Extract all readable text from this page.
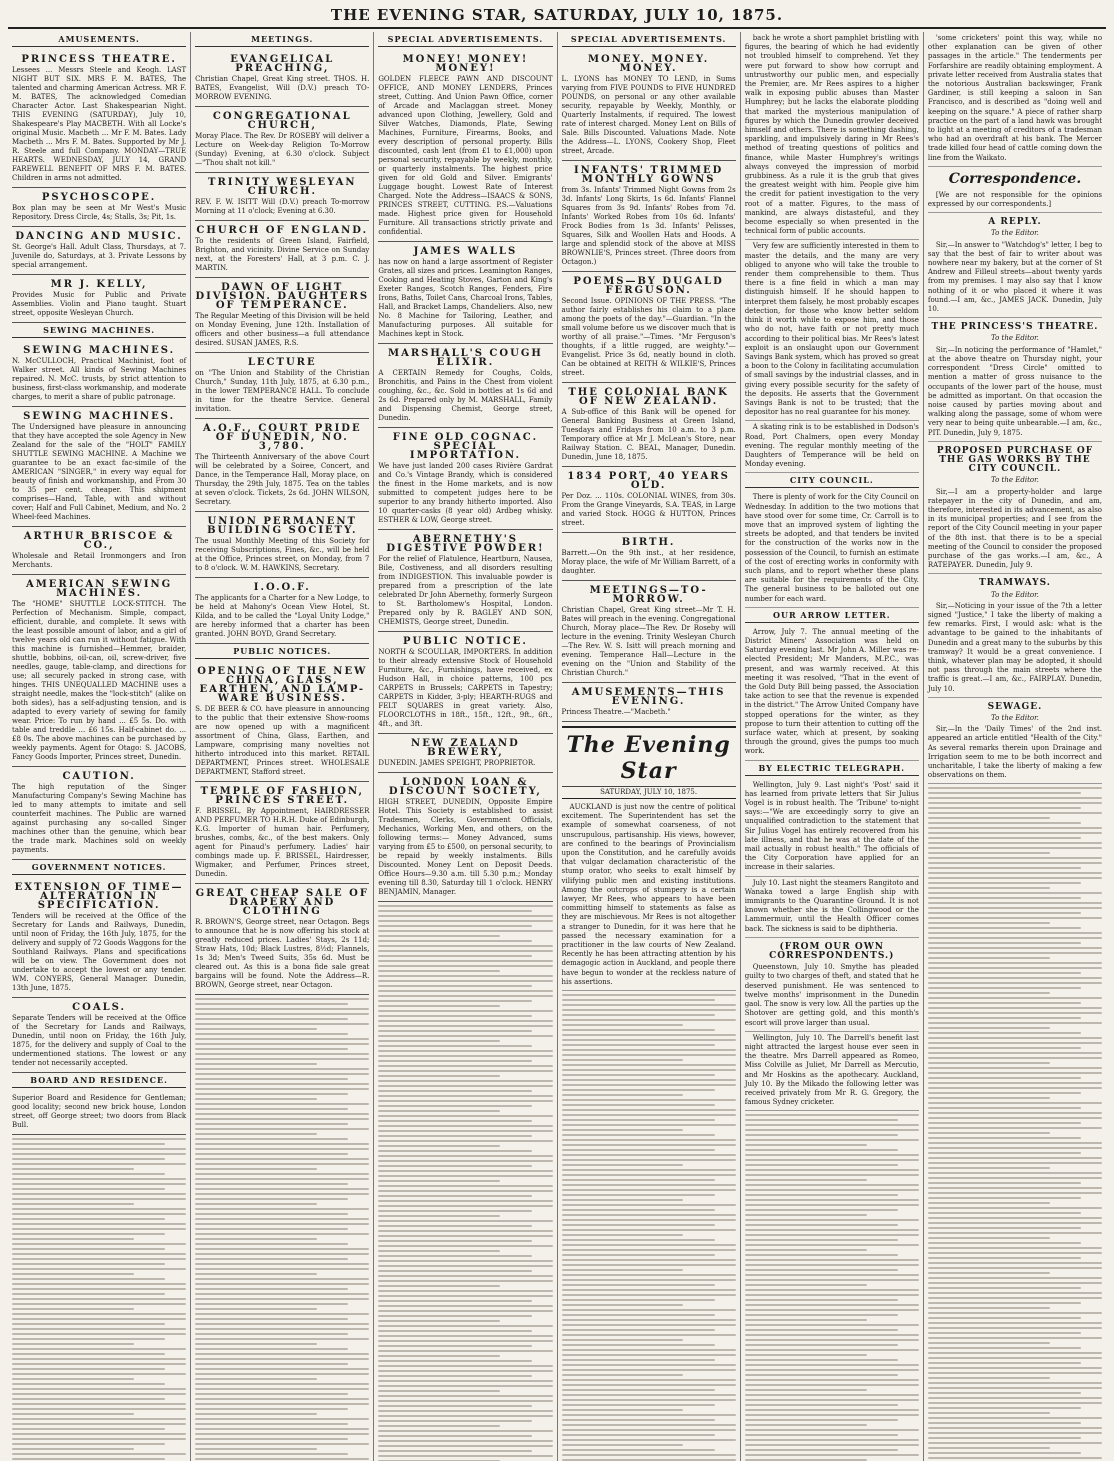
THE EVENING STAR, SATURDAY, JULY 10, 1875.
AMUSEMENTS.
PRINCESS THEATRE.
Lessees ... Messrs Steele and Keogh. LAST NIGHT BUT SIX. MRS F. M. BATES, The talented and charming American Actress. MR F. M. BATES, The acknowledged Comedian Character Actor. Last Shakespearian Night. THIS EVENING (SATURDAY), July 10, Shakespeare's Play MACBETH. With all Locke's original Music. Macbeth ... Mr F. M. Bates. Lady Macbeth ... Mrs F. M. Bates. Supported by Mr J. R. Steele and full Company. MONDAY—TRUE HEARTS. WEDNESDAY, JULY 14, GRAND FAREWELL BENEFIT OF MRS F. M. BATES. Children in arms not admitted.
PSYCHOSCOPE.
Box plan may be seen at Mr West's Music Repository. Dress Circle, 4s; Stalls, 3s; Pit, 1s.
DANCING AND MUSIC.
St. George's Hall. Adult Class, Thursdays, at 7. Juvenile do, Saturdays, at 3. Private Lessons by special arrangement.
MR J. KELLY,
Provides Music for Public and Private Assemblies. Violin and Piano taught. Stuart street, opposite Wesleyan Church.
SEWING MACHINES.
SEWING MACHINES.
N. McCULLOCH, Practical Machinist, foot of Walker street. All kinds of Sewing Machines repaired. N. McC. trusts, by strict attention to business, first-class workmanship, and moderate charges, to merit a share of public patronage.
SEWING MACHINES.
The Undersigned have pleasure in announcing that they have accepted the sole Agency in New Zealand for the sale of the "HOLT" FAMILY SHUTTLE SEWING MACHINE. A Machine we guarantee to be an exact fac-simile of the AMERICAN "SINGER," in every way equal for beauty of finish and workmanship, and From 30 to 35 per cent. cheaper. This shipment comprises—Hand, Table, with and without cover; Half and Full Cabinet, Medium, and No. 2 Wheel-feed Machines.
ARTHUR BRISCOE & CO.,
Wholesale and Retail Ironmongers and Iron Merchants.
AMERICAN SEWING MACHINES.
The "HOME" SHUTTLE LOCK-STITCH. The Perfection of Mechanism. Simple, compact, efficient, durable, and complete. It sews with the least possible amount of labor, and a girl of twelve years old can run it without fatigue. With this machine is furnished—Hemmer, braider, shuttle, bobbins, oil-can, oil, screw-driver, five needles, gauge, table-clamp, and directions for use; all securely packed in strong case, with hinges. THIS UNEQUALLED MACHINE uses a straight needle, makes the "lock-stitch" (alike on both sides), has a self-adjusting tension, and is adapted to every variety of sewing for family wear. Price: To run by hand ... £5 5s. Do. with table and treddle ... £6 15s. Half-cabinet do. ... £8 0s. The above machines can be purchased by weekly payments. Agent for Otago: S. JACOBS, Fancy Goods Importer, Princes street, Dunedin.
CAUTION.
The high reputation of the Singer Manufacturing Company's Sewing Machine has led to many attempts to imitate and sell counterfeit machines. The Public are warned against purchasing any so-called Singer machines other than the genuine, which bear the trade mark. Machines sold on weekly payments.
GOVERNMENT NOTICES.
EXTENSION OF TIME—ALTERATION IN SPECIFICATION.
Tenders will be received at the Office of the Secretary for Lands and Railways, Dunedin, until noon of Friday, the 16th July, 1875, for the delivery and supply of 72 Goods Waggons for the Southland Railways. Plans and specifications will be on view. The Government does not undertake to accept the lowest or any tender. WM. CONYERS, General Manager. Dunedin, 13th June, 1875.
COALS.
Separate Tenders will be received at the Office of the Secretary for Lands and Railways, Dunedin, until noon on Friday, the 16th July, 1875, for the delivery and supply of Coal to the undermentioned stations. The lowest or any tender not necessarily accepted.
BOARD AND RESIDENCE.
Superior Board and Residence for Gentleman; good locality; second new brick house, London street, off George street; two doors from Black Bull.
MEETINGS.
EVANGELICAL PREACHING,
Christian Chapel, Great King street. THOS. H. BATES, Evangelist, Will (D.V.) preach TO-MORROW EVENING.
CONGREGATIONAL CHURCH,
Moray Place. The Rev. Dr ROSEBY will deliver a Lecture on Week-day Religion To-Morrow (Sunday) Evening, at 6.30 o'clock. Subject—"Thou shalt not kill."
TRINITY WESLEYAN CHURCH.
REV. F. W. ISITT Will (D.V.) preach To-morrow Morning at 11 o'clock; Evening at 6.30.
CHURCH OF ENGLAND.
To the residents of Green Island, Fairfield, Brighton, and vicinity. Divine Service on Sunday next, at the Foresters' Hall, at 3 p.m. C. J. MARTIN.
DAWN OF LIGHT DIVISION. DAUGHTERS OF TEMPERANCE.
The Regular Meeting of this Division will be held on Monday Evening, June 12th. Installation of officers and other business—a full attendance desired. SUSAN JAMES, R.S.
LECTURE
on "The Union and Stability of the Christian Church," Sunday, 11th July, 1875, at 6.30 p.m., in the lower TEMPERANCE HALL. To conclude in time for the theatre Service. General invitation.
A.O.F., COURT PRIDE OF DUNEDIN, NO. 3,780.
The Thirteenth Anniversary of the above Court will be celebrated by a Soiree, Concert, and Dance, in the Temperance Hall, Moray place, on Thursday, the 29th July, 1875. Tea on the tables at seven o'clock. Tickets, 2s 6d. JOHN WILSON, Secretary.
UNION PERMANENT BUILDING SOCIETY.
The usual Monthly Meeting of this Society for receiving Subscriptions, Fines, &c., will be held at the Office, Princes street, on Monday, from 7 to 8 o'clock. W. M. HAWKINS, Secretary.
I.O.O.F.
The applicants for a Charter for a New Lodge, to be held at Mahony's Ocean View Hotel, St. Kilda, and to be called the "Loyal Unity Lodge," are hereby informed that a charter has been granted. JOHN BOYD, Grand Secretary.
PUBLIC NOTICES.
OPENING OF THE NEW CHINA, GLASS, EARTHEN, AND LAMP-WARE BUSINESS.
S. DE BEER & CO. have pleasure in announcing to the public that their extensive Show-rooms are now opened up with a magnificent assortment of China, Glass, Earthen, and Lampware, comprising many novelties not hitherto introduced into this market. RETAIL DEPARTMENT, Princes street. WHOLESALE DEPARTMENT, Stafford street.
TEMPLE OF FASHION, PRINCES STREET.
F. BRISSEL, By Appointment, HAIRDRESSER AND PERFUMER TO H.R.H. Duke of Edinburgh, K.G. Importer of human hair. Perfumery, brushes, combs, &c., of the best makers. Only agent for Pinaud's perfumery. Ladies' hair combings made up. F. BRISSEL, Hairdresser, Wigmaker, and Perfumer, Princes street, Dunedin.
GREAT CHEAP SALE OF DRAPERY AND CLOTHING
R. BROWN'S, George street, near Octagon. Begs to announce that he is now offering his stock at greatly reduced prices. Ladies' Stays, 2s 11d; Straw Hats, 10d; Black Lustres, 8½d; Flannels, 1s 3d; Men's Tweed Suits, 35s 6d. Must be cleared out. As this is a bona fide sale great bargains will be found. Note the Address—R. BROWN, George street, near Octagon.
SPECIAL ADVERTISEMENTS.
MONEY! MONEY! MONEY!
GOLDEN FLEECE PAWN AND DISCOUNT OFFICE, AND MONEY LENDERS, Princes street, Cutting. And Union Pawn Office, corner of Arcade and Maclaggan street. Money advanced upon Clothing, Jewellery, Gold and Silver Watches, Diamonds, Plate, Sewing Machines, Furniture, Firearms, Books, and every description of personal property. Bills discounted, cash lent (from £1 to £1,000) upon personal security, repayable by weekly, monthly, or quarterly instalments. The highest price given for old Gold and Silver. Emigrants' Luggage bought. Lowest Rate of Interest Charged. Note the Address—ISAACS & SONS, PRINCES STREET, CUTTING. P.S.—Valuations made. Highest price given for Household Furniture. All transactions strictly private and confidential.
JAMES WALLS
has now on hand a large assortment of Register Grates, all sizes and prices. Leamington Ranges, Cooking and Heating Stoves, Garton and King's Exeter Ranges, Scotch Ranges, Fenders, Fire Irons, Baths, Toilet Cans, Charcoal Irons, Tables, Hall, and Bracket Lamps, Chandeliers. Also, new No. 8 Machine for Tailoring, Leather, and Manufacturing purposes. All suitable for Machines kept in Stock.
MARSHALL'S COUGH ELIXIR.
A CERTAIN Remedy for Coughs, Colds, Bronchitis, and Pains in the Chest from violent coughing, &c., &c. Sold in bottles at 1s 6d and 2s 6d. Prepared only by M. MARSHALL, Family and Dispensing Chemist, George street, Dunedin.
FINE OLD COGNAC. SPECIAL IMPORTATION.
We have just landed 200 cases Rivière Gardrat and Co.'s Vintage Brandy, which is considered the finest in the Home markets, and is now submitted to competent judges here to be superior to any brandy hitherto imported. Also 10 quarter-casks (8 year old) Ardbeg whisky. ESTHER & LOW, George street.
ABERNETHY'S DIGESTIVE POWDER!
For the relief of Flatulence, Heartburn, Nausea, Bile, Costiveness, and all disorders resulting from INDIGESTION. This invaluable powder is prepared from a prescription of the late celebrated Dr John Abernethy, formerly Surgeon to St. Bartholomew's Hospital, London. Prepared only by R. BAGLEY AND SON, CHEMISTS, George street, Dunedin.
PUBLIC NOTICE.
NORTH & SCOULLAR, IMPORTERS. In addition to their already extensive Stock of Household Furniture, &c., Furnishings, have received, ex Hudson Hall, in choice patterns, 100 pcs CARPETS in Brussels; CARPETS in Tapestry; CARPETS in Kidder, 3-ply; HEARTH-RUGS and FELT SQUARES in great variety. Also, FLOORCLOTHS in 18ft., 15ft., 12ft., 9ft., 6ft., 4ft., and 3ft.
NEW ZEALAND BREWERY,
DUNEDIN. JAMES SPEIGHT, PROPRIETOR.
LONDON LOAN & DISCOUNT SOCIETY,
HIGH STREET, DUNEDIN, Opposite Empire Hotel. This Society is established to assist Tradesmen, Clerks, Government Officials, Mechanics, Working Men, and others, on the following terms:— Money Advanced, sums varying from £5 to £500, on personal security, to be repaid by weekly instalments. Bills Discounted. Money Lent on Deposit Deeds. Office Hours—9.30 a.m. till 5.30 p.m.; Monday evening till 8.30, Saturday till 1 o'clock. HENRY BENJAMIN, Manager.
SPECIAL ADVERTISEMENTS.
MONEY. MONEY. MONEY.
L. LYONS has MONEY TO LEND, in Sums varying from FIVE POUNDS to FIVE HUNDRED POUNDS, on personal or any other available security, repayable by Weekly, Monthly, or Quarterly Instalments, if required. The lowest rate of interest charged. Money Lent on Bills of Sale. Bills Discounted. Valuations Made. Note the Address—L. LYONS, Cookery Shop, Fleet street, Arcade.
INFANTS' TRIMMED MONTHLY GOWNS
from 3s. Infants' Trimmed Night Gowns from 2s 3d. Infants' Long Skirts, 1s 6d. Infants' Flannel Squares from 3s 9d. Infants' Robes from 7d. Infants' Worked Robes from 10s 6d. Infants' Frock Bodies from 1s 3d. Infants' Pelisses, Squares, Silk and Woollen Hats and Hoods. A large and splendid stock of the above at MISS BROWNLIE'S, Princes street. (Three doors from Octagon.)
POEMS—BY DUGALD FERGUSON.
Second Issue. OPINIONS OF THE PRESS. "The author fairly establishes his claim to a place among the poets of the day."—Guardian. "In the small volume before us we discover much that is worthy of all praise."—Times. "Mr Ferguson's thoughts, if a little rugged, are weighty."—Evangelist. Price 3s 6d, neatly bound in cloth. Can be obtained at REITH & WILKIE'S, Princes street.
THE COLONIAL BANK OF NEW ZEALAND.
A Sub-office of this Bank will be opened for General Banking Business at Green Island, Tuesdays and Fridays from 10 a.m. to 3 p.m. Temporary office at Mr J. McLean's Store, near Railway Station. C. BEAL, Manager, Dunedin. Dunedin, June 18, 1875.
1834 PORT, 40 YEARS OLD.
Per Doz. ... 110s. COLONIAL WINES, from 30s. From the Grange Vineyards, S.A. TEAS, in Large and varied Stock. HOGG & HUTTON, Princes street.
BIRTH.
Barrett.—On the 9th inst., at her residence, Moray place, the wife of Mr William Barrett, of a daughter.
MEETINGS—TO-MORROW.
Christian Chapel, Great King street—Mr T. H. Bates will preach in the evening. Congregational Church, Moray place—The Rev. Dr Roseby will lecture in the evening. Trinity Wesleyan Church—The Rev. W. S. Isitt will preach morning and evening. Temperance Hall—Lecture in the evening on the "Union and Stability of the Christian Church."
AMUSEMENTS—THIS EVENING.
Princess Theatre.—"Macbeth."
The Evening Star
SATURDAY, JULY 10, 1875.

AUCKLAND is just now the centre of political excitement. The Superintendent has set the example of somewhat coarseness, of not unscrupulous, partisanship. His views, however, are confined to the bearings of Provincialism upon the Constitution, and he carefully avoids that vulgar declamation characteristic of the stump orator, who seeks to exalt himself by vilifying public men and existing institutions. Among the outcrops of stumpery is a certain lawyer, Mr Rees, who appears to have been committing himself to statements as false as they are mischievous. Mr Rees is not altogether a stranger to Dunedin, for it was here that he passed the necessary examination for a practitioner in the law courts of New Zealand. Recently he has been attracting attention by his demagogic action in Auckland, and people there have begun to wonder at the reckless nature of his assertions.

back he wrote a short pamphlet bristling with figures, the bearing of which he had evidently not troubled himself to comprehend. Yet they were put forward to show how corrupt and untrustworthy our public men, and especially the Premier, are. Mr Rees aspires to a higher walk in exposing public abuses than Master Humphrey; but he lacks the elaborate plodding that marked the mysterious manipulation of figures by which the Dunedin growler deceived himself and others. There is something dashing, sparkling, and impulsively daring in Mr Rees's method of treating questions of politics and finance, while Master Humphrey's writings always conveyed the impression of morbid grubbiness. As a rule it is the grub that gives the greatest weight with him. People give him the credit for patient investigation to the very root of a matter. Figures, to the mass of mankind, are always distasteful, and they become especially so when presented in the technical form of public accounts.

Very few are sufficiently interested in them to master the details, and the many are very obliged to anyone who will take the trouble to render them comprehensible to them. Thus there is a fine field in which a man may distinguish himself. If he should happen to interpret them falsely, he most probably escapes detection, for those who know better seldom think it worth while to expose him, and those who do not, have faith or not pretty much according to their political bias. Mr Rees's latest exploit is an onslaught upon our Government Savings Bank system, which has proved so great a boon to the Colony in facilitating accumulation of small savings by the industrial classes, and in giving every possible security for the safety of the deposits. He asserts that the Government Savings Bank is not to be trusted; that the depositor has no real guarantee for his money.

A skating rink is to be established in Dodson's Road, Port Chalmers, open every Monday evening. The regular monthly meeting of the Daughters of Temperance will be held on Monday evening.

CITY COUNCIL.

There is plenty of work for the City Council on Wednesday. In addition to the two motions that have stood over for some time, Cr. Carroll is to move that an improved system of lighting the streets be adopted, and that tenders be invited for the construction of the works now in the possession of the Council, to furnish an estimate of the cost of erecting works in conformity with such plans, and to report whether these plans are suitable for the requirements of the City. The general business to be balloted out one number for each ward.

OUR ARROW LETTER.

Arrow, July 7. The annual meeting of the District Miners' Association was held on Saturday evening last. Mr John A. Miller was re-elected President; Mr Manders, M.P.C., was present, and was warmly received. At this meeting it was resolved, "That in the event of the Gold Duty Bill being passed, the Association take action to see that the revenue is expended in the district." The Arrow United Company have stopped operations for the winter, as they propose to turn their attention to cutting off the surface water, which at present, by soaking through the ground, gives the pumps too much work.

BY ELECTRIC TELEGRAPH.

Wellington, July 9. Last night's 'Post' said it has learned from private letters that Sir Julius Vogel is in robust health. The 'Tribune' to-night says:—"We are exceedingly sorry to give an unqualified contradiction to the statement that Sir Julius Vogel has entirely recovered from his late illness, and that he was at the date of the mail actually in robust health." The officials of the City Corporation have applied for an increase in their salaries.

July 10. Last night the steamers Rangitoto and Wanaka towed a large English ship with immigrants to the Quarantine Ground. It is not known whether she is the Collingwood or the Lammermuir, until the Health Officer comes back. The sickness is said to be diphtheria.

(FROM OUR OWN CORRESPONDENTS.)

Queenstown, July 10. Smythe has pleaded guilty to two charges of theft, and stated that he deserved punishment. He was sentenced to twelve months' imprisonment in the Dunedin gaol. The snow is very low. All the parties up the Shotover are getting gold, and this month's escort will prove larger than usual.

Wellington, July 10. The Darrell's benefit last night attracted the largest house ever seen in the theatre. Mrs Darrell appeared as Romeo, Miss Colville as Juliet, Mr Darrell as Mercutio, and Mr Hoskins as the apothecary. Auckland, July 10. By the Mikado the following letter was received privately from Mr R. G. Gregory, the famous Sydney cricketer.

'some cricketers' point this way, while no other explanation can be given of other passages in the article." The tenderments per Forfarshire are readily obtaining employment. A private letter received from Australia states that the notorious Australian backswinger, Frank Gardiner, is still keeping a saloon in San Francisco, and is described as "doing well and keeping on the square." A piece of rather sharp practice on the part of a land hawk was brought to light at a meeting of creditors of a tradesman who had an overdraft at his bank. The Mercer trade killed four head of cattle coming down the line from the Waikato.

Correspondence.

[We are not responsible for the opinions expressed by our correspondents.]

A REPLY.
To the Editor.

Sir,—In answer to "Watchdog's" letter, I beg to say that the best of fair to writer about was nowhere near my bakery, but at the corner of St Andrew and Filleul streets—about twenty yards from my premises. I may also say that I know nothing of it or who placed it where it was found.—I am, &c., JAMES JACK. Dunedin, July 10.

THE PRINCESS'S THEATRE.
To the Editor.

Sir,—In noticing the performance of "Hamlet," at the above theatre on Thursday night, your correspondent "Dress Circle" omitted to mention a matter of gross nuisance to the occupants of the lower part of the house, must be admitted as important. On that occasion the noise caused by parties moving about and walking along the passage, some of whom were very near to being quite unbearable.—I am, &c., PIT. Dunedin, July 9, 1875.

PROPOSED PURCHASE OF THE GAS WORKS BY THE CITY COUNCIL.
To the Editor.

Sir,—I am a property-holder and large ratepayer in the city of Dunedin, and am, therefore, interested in its advancement, as also in its municipal properties; and I see from the report of the City Council meeting in your paper of the 8th inst. that there is to be a special meeting of the Council to consider the proposed purchase of the gas works.—I am, &c., A RATEPAYER. Dunedin, July 9.

TRAMWAYS.
To the Editor.

Sir,—Noticing in your issue of the 7th a letter signed "Justice," I take the liberty of making a few remarks. First, I would ask: what is the advantage to be gained to the inhabitants of Dunedin and a great many to the suburbs by this tramway? It would be a great convenience. I think, whatever plan may be adopted, it should not pass through the main streets where the traffic is great.—I am, &c., FAIRPLAY. Dunedin, July 10.

SEWAGE.
To the Editor.

Sir,—In the 'Daily Times' of the 2nd inst. appeared an article entitled "Health of the City." As several remarks therein upon Drainage and Irrigation seem to me to be both incorrect and uncharitable, I take the liberty of making a few observations on them.
